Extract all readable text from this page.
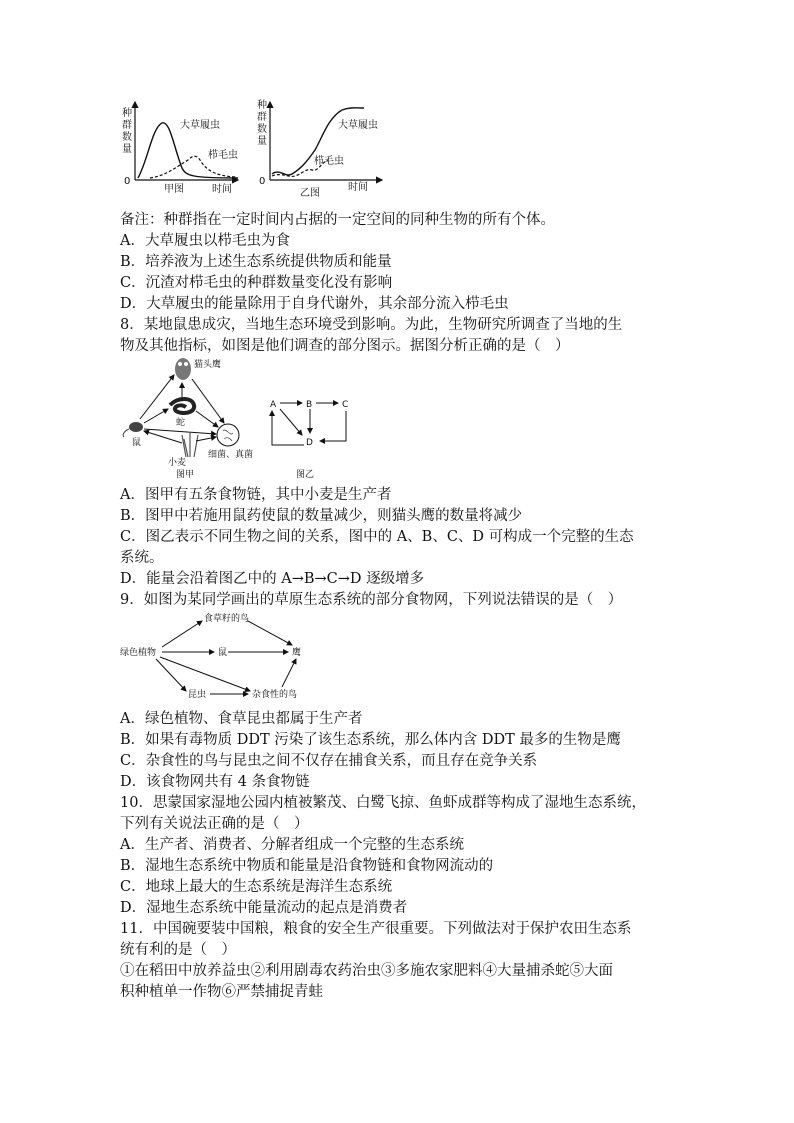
种
群
数
量
0
大草履虫
栉毛虫
甲图	时间
种
群
数
量
0
大草履虫
栉毛虫
乙图
时间
备注：种群指在一定时间内占据的一定空间的同种生物的所有个体。
A．大草履虫以栉毛虫为食
B．培养液为上述生态系统提供物质和能量
C．沉渣对栉毛虫的种群数量变化没有影响
D．大草履虫的能量除用于自身代谢外，其余部分流入栉毛虫
8．某地鼠患成灾，当地生态环境受到影响。为此，生物研究所调查了当地的生
物及其他指标，如图是他们调查的部分图示。据图分析正确的是（　）
猫头鹰
蛇
鼠
小麦
细菌、真菌
图甲
A	B	C
D
图乙
A．图甲有五条食物链，其中小麦是生产者
B．图甲中若施用鼠药使鼠的数量减少，则猫头鹰的数量将减少
C．图乙表示不同生物之间的关系，图中的 A、B、C、D 可构成一个完整的生态
系统。
D．能量会沿着图乙中的 A→B→C→D 逐级增多
9．如图为某同学画出的草原生态系统的部分食物网，下列说法错误的是（　）
绿色植物
食草籽的鸟
鼠	鹰
昆虫	杂食性的鸟
A．绿色植物、食草昆虫都属于生产者
B．如果有毒物质 DDT 污染了该生态系统，那么体内含 DDT 最多的生物是鹰
C．杂食性的鸟与昆虫之间不仅存在捕食关系，而且存在竞争关系
D．该食物网共有 4 条食物链
10．思蒙国家湿地公园内植被繁茂、白鹭飞掠、鱼虾成群等构成了湿地生态系统，
下列有关说法正确的是（　）
A．生产者、消费者、分解者组成一个完整的生态系统
B．湿地生态系统中物质和能量是沿食物链和食物网流动的
C．地球上最大的生态系统是海洋生态系统
D．湿地生态系统中能量流动的起点是消费者
11．中国碗要装中国粮，粮食的安全生产很重要。下列做法对于保护农田生态系
统有利的是（　）
①在稻田中放养益虫②利用剧毒农药治虫③多施农家肥料④大量捕杀蛇⑤大面
积种植单一作物⑥严禁捕捉青蛙
